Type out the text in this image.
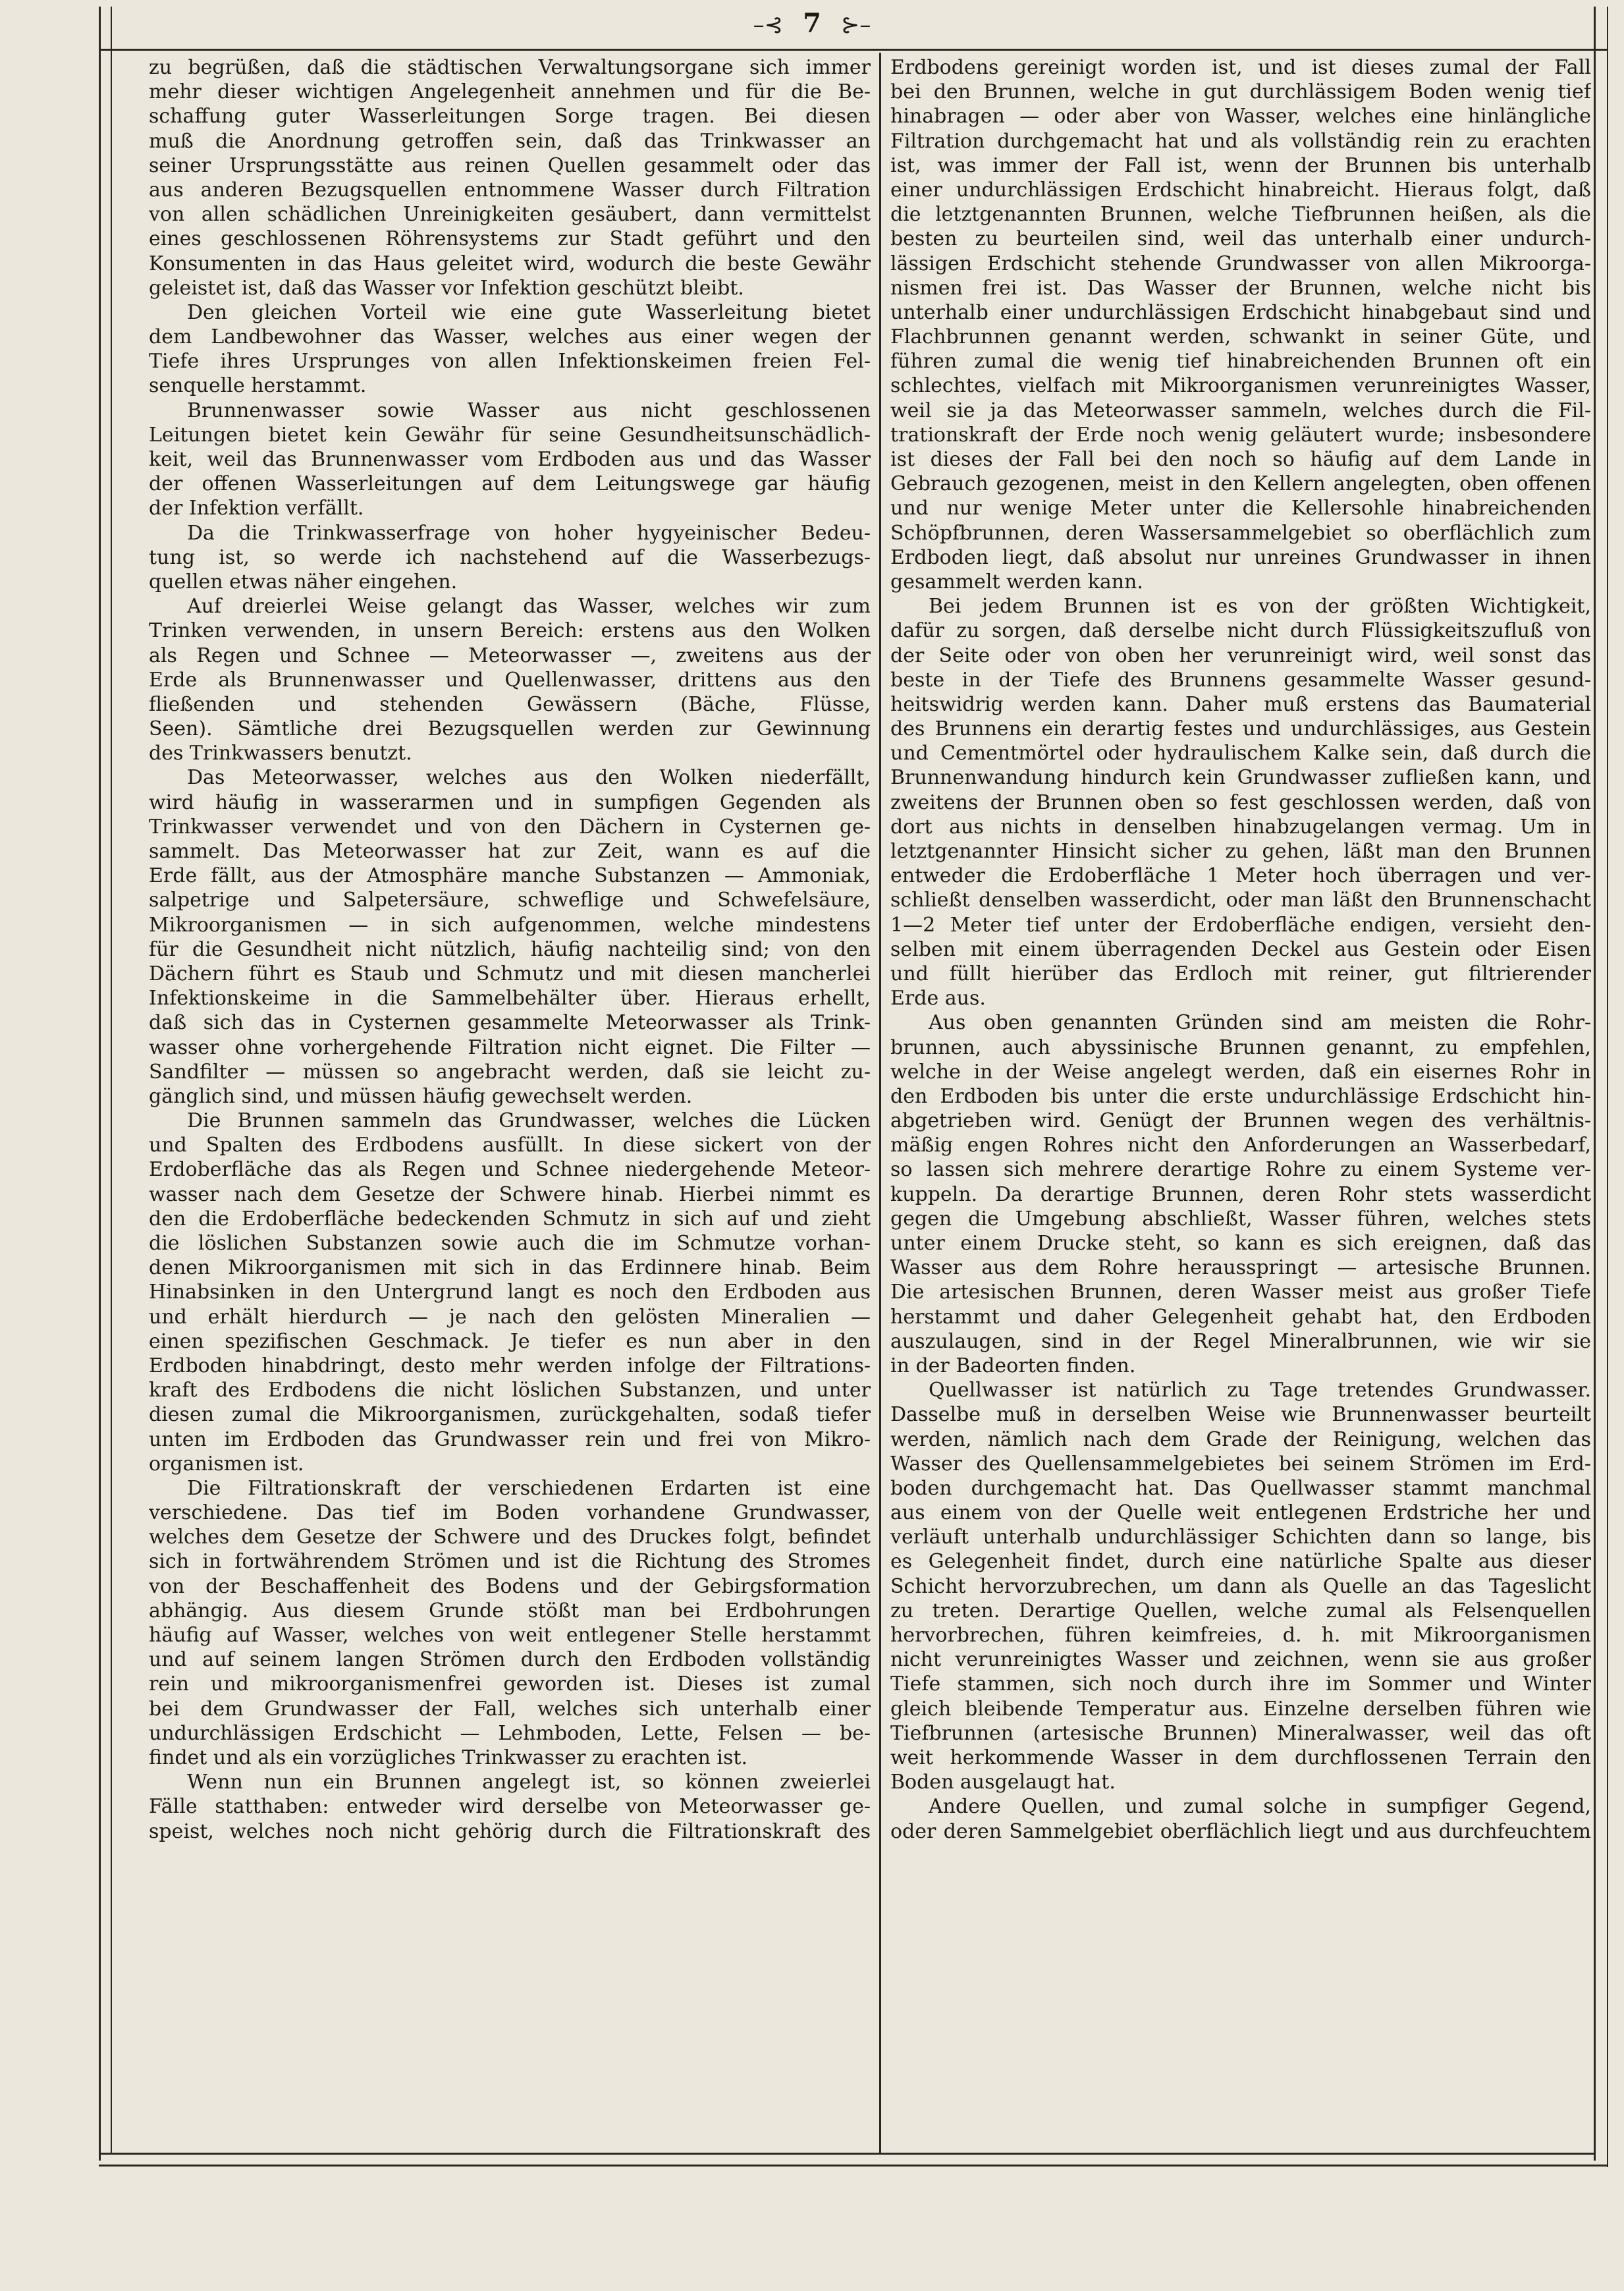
–⊰ 7 ⊱–
zu begrüßen, daß die städtischen Verwaltungsorgane sich immer
mehr dieser wichtigen Angelegenheit annehmen und für die Be-
schaffung guter Wasserleitungen Sorge tragen. Bei diesen
muß die Anordnung getroffen sein, daß das Trinkwasser an
seiner Ursprungsstätte aus reinen Quellen gesammelt oder das
aus anderen Bezugsquellen entnommene Wasser durch Filtration
von allen schädlichen Unreinigkeiten gesäubert, dann vermittelst
eines geschlossenen Röhrensystems zur Stadt geführt und den
Konsumenten in das Haus geleitet wird, wodurch die beste Gewähr
geleistet ist, daß das Wasser vor Infektion geschützt bleibt.
Den gleichen Vorteil wie eine gute Wasserleitung bietet
dem Landbewohner das Wasser, welches aus einer wegen der
Tiefe ihres Ursprunges von allen Infektionskeimen freien Fel-
senquelle herstammt.
Brunnenwasser sowie Wasser aus nicht geschlossenen
Leitungen bietet kein Gewähr für seine Gesundheitsunschädlich-
keit, weil das Brunnenwasser vom Erdboden aus und das Wasser
der offenen Wasserleitungen auf dem Leitungswege gar häufig
der Infektion verfällt.
Da die Trinkwasserfrage von hoher hygyeinischer Bedeu-
tung ist, so werde ich nachstehend auf die Wasserbezugs-
quellen etwas näher eingehen.
Auf dreierlei Weise gelangt das Wasser, welches wir zum
Trinken verwenden, in unsern Bereich: erstens aus den Wolken
als Regen und Schnee — Meteorwasser —, zweitens aus der
Erde als Brunnenwasser und Quellenwasser, drittens aus den
fließenden und stehenden Gewässern (Bäche, Flüsse,
Seen). Sämtliche drei Bezugsquellen werden zur Gewinnung
des Trinkwassers benutzt.
Das Meteorwasser, welches aus den Wolken niederfällt,
wird häufig in wasserarmen und in sumpfigen Gegenden als
Trinkwasser verwendet und von den Dächern in Cysternen ge-
sammelt. Das Meteorwasser hat zur Zeit, wann es auf die
Erde fällt, aus der Atmosphäre manche Substanzen — Ammoniak,
salpetrige und Salpetersäure, schweflige und Schwefelsäure,
Mikroorganismen — in sich aufgenommen, welche mindestens
für die Gesundheit nicht nützlich, häufig nachteilig sind; von den
Dächern führt es Staub und Schmutz und mit diesen mancherlei
Infektionskeime in die Sammelbehälter über. Hieraus erhellt,
daß sich das in Cysternen gesammelte Meteorwasser als Trink-
wasser ohne vorhergehende Filtration nicht eignet. Die Filter —
Sandfilter — müssen so angebracht werden, daß sie leicht zu-
gänglich sind, und müssen häufig gewechselt werden.
Die Brunnen sammeln das Grundwasser, welches die Lücken
und Spalten des Erdbodens ausfüllt. In diese sickert von der
Erdoberfläche das als Regen und Schnee niedergehende Meteor-
wasser nach dem Gesetze der Schwere hinab. Hierbei nimmt es
den die Erdoberfläche bedeckenden Schmutz in sich auf und zieht
die löslichen Substanzen sowie auch die im Schmutze vorhan-
denen Mikroorganismen mit sich in das Erdinnere hinab. Beim
Hinabsinken in den Untergrund langt es noch den Erdboden aus
und erhält hierdurch — je nach den gelösten Mineralien —
einen spezifischen Geschmack. Je tiefer es nun aber in den
Erdboden hinabdringt, desto mehr werden infolge der Filtrations-
kraft des Erdbodens die nicht löslichen Substanzen, und unter
diesen zumal die Mikroorganismen, zurückgehalten, sodaß tiefer
unten im Erdboden das Grundwasser rein und frei von Mikro-
organismen ist.
Die Filtrationskraft der verschiedenen Erdarten ist eine
verschiedene. Das tief im Boden vorhandene Grundwasser,
welches dem Gesetze der Schwere und des Druckes folgt, befindet
sich in fortwährendem Strömen und ist die Richtung des Stromes
von der Beschaffenheit des Bodens und der Gebirgsformation
abhängig. Aus diesem Grunde stößt man bei Erdbohrungen
häufig auf Wasser, welches von weit entlegener Stelle herstammt
und auf seinem langen Strömen durch den Erdboden vollständig
rein und mikroorganismenfrei geworden ist. Dieses ist zumal
bei dem Grundwasser der Fall, welches sich unterhalb einer
undurchlässigen Erdschicht — Lehmboden, Lette, Felsen — be-
findet und als ein vorzügliches Trinkwasser zu erachten ist.
Wenn nun ein Brunnen angelegt ist, so können zweierlei
Fälle statthaben: entweder wird derselbe von Meteorwasser ge-
speist, welches noch nicht gehörig durch die Filtrationskraft des
Erdbodens gereinigt worden ist, und ist dieses zumal der Fall
bei den Brunnen, welche in gut durchlässigem Boden wenig tief
hinabragen — oder aber von Wasser, welches eine hinlängliche
Filtration durchgemacht hat und als vollständig rein zu erachten
ist, was immer der Fall ist, wenn der Brunnen bis unterhalb
einer undurchlässigen Erdschicht hinabreicht. Hieraus folgt, daß
die letztgenannten Brunnen, welche Tiefbrunnen heißen, als die
besten zu beurteilen sind, weil das unterhalb einer undurch-
lässigen Erdschicht stehende Grundwasser von allen Mikroorga-
nismen frei ist. Das Wasser der Brunnen, welche nicht bis
unterhalb einer undurchlässigen Erdschicht hinabgebaut sind und
Flachbrunnen genannt werden, schwankt in seiner Güte, und
führen zumal die wenig tief hinabreichenden Brunnen oft ein
schlechtes, vielfach mit Mikroorganismen verunreinigtes Wasser,
weil sie ja das Meteorwasser sammeln, welches durch die Fil-
trationskraft der Erde noch wenig geläutert wurde; insbesondere
ist dieses der Fall bei den noch so häufig auf dem Lande in
Gebrauch gezogenen, meist in den Kellern angelegten, oben offenen
und nur wenige Meter unter die Kellersohle hinabreichenden
Schöpfbrunnen, deren Wassersammelgebiet so oberflächlich zum
Erdboden liegt, daß absolut nur unreines Grundwasser in ihnen
gesammelt werden kann.
Bei jedem Brunnen ist es von der größten Wichtigkeit,
dafür zu sorgen, daß derselbe nicht durch Flüssigkeitszufluß von
der Seite oder von oben her verunreinigt wird, weil sonst das
beste in der Tiefe des Brunnens gesammelte Wasser gesund-
heitswidrig werden kann. Daher muß erstens das Baumaterial
des Brunnens ein derartig festes und undurchlässiges, aus Gestein
und Cementmörtel oder hydraulischem Kalke sein, daß durch die
Brunnenwandung hindurch kein Grundwasser zufließen kann, und
zweitens der Brunnen oben so fest geschlossen werden, daß von
dort aus nichts in denselben hinabzugelangen vermag. Um in
letztgenannter Hinsicht sicher zu gehen, läßt man den Brunnen
entweder die Erdoberfläche 1 Meter hoch überragen und ver-
schließt denselben wasserdicht, oder man läßt den Brunnenschacht
1—2 Meter tief unter der Erdoberfläche endigen, versieht den-
selben mit einem überragenden Deckel aus Gestein oder Eisen
und füllt hierüber das Erdloch mit reiner, gut filtrierender
Erde aus.
Aus oben genannten Gründen sind am meisten die Rohr-
brunnen, auch abyssinische Brunnen genannt, zu empfehlen,
welche in der Weise angelegt werden, daß ein eisernes Rohr in
den Erdboden bis unter die erste undurchlässige Erdschicht hin-
abgetrieben wird. Genügt der Brunnen wegen des verhältnis-
mäßig engen Rohres nicht den Anforderungen an Wasserbedarf,
so lassen sich mehrere derartige Rohre zu einem Systeme ver-
kuppeln. Da derartige Brunnen, deren Rohr stets wasserdicht
gegen die Umgebung abschließt, Wasser führen, welches stets
unter einem Drucke steht, so kann es sich ereignen, daß das
Wasser aus dem Rohre herausspringt — artesische Brunnen.
Die artesischen Brunnen, deren Wasser meist aus großer Tiefe
herstammt und daher Gelegenheit gehabt hat, den Erdboden
auszulaugen, sind in der Regel Mineralbrunnen, wie wir sie
in der Badeorten finden.
Quellwasser ist natürlich zu Tage tretendes Grundwasser.
Dasselbe muß in derselben Weise wie Brunnenwasser beurteilt
werden, nämlich nach dem Grade der Reinigung, welchen das
Wasser des Quellensammelgebietes bei seinem Strömen im Erd-
boden durchgemacht hat. Das Quellwasser stammt manchmal
aus einem von der Quelle weit entlegenen Erdstriche her und
verläuft unterhalb undurchlässiger Schichten dann so lange, bis
es Gelegenheit findet, durch eine natürliche Spalte aus dieser
Schicht hervorzubrechen, um dann als Quelle an das Tageslicht
zu treten. Derartige Quellen, welche zumal als Felsenquellen
hervorbrechen, führen keimfreies, d. h. mit Mikroorganismen
nicht verunreinigtes Wasser und zeichnen, wenn sie aus großer
Tiefe stammen, sich noch durch ihre im Sommer und Winter
gleich bleibende Temperatur aus. Einzelne derselben führen wie
Tiefbrunnen (artesische Brunnen) Mineralwasser, weil das oft
weit herkommende Wasser in dem durchflossenen Terrain den
Boden ausgelaugt hat.
Andere Quellen, und zumal solche in sumpfiger Gegend,
oder deren Sammelgebiet oberflächlich liegt und aus durchfeuchtem
